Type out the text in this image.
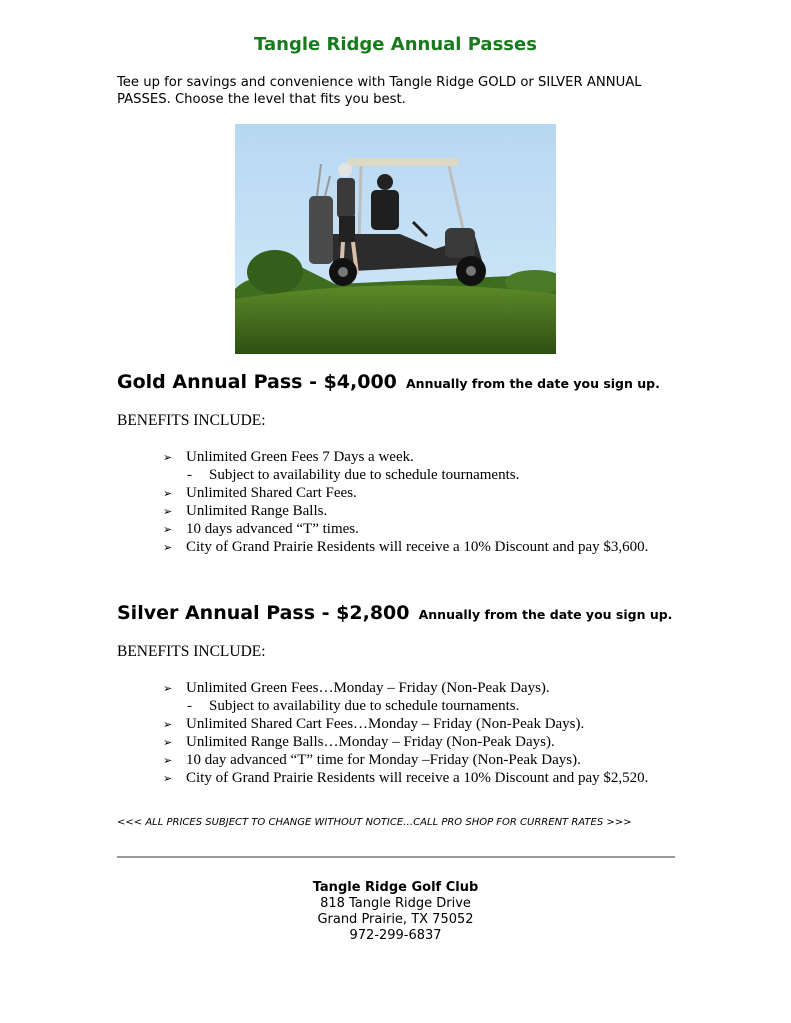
Tangle Ridge Annual Passes
Tee up for savings and convenience with Tangle Ridge GOLD or SILVER ANNUAL
PASSES. Choose the level that fits you best.
Gold Annual Pass - $4,000 Annually from the date you sign up.
BENEFITS INCLUDE:
➢ Unlimited Green Fees 7 Days a week.
- Subject to availability due to schedule tournaments.
➢ Unlimited Shared Cart Fees.
➢ Unlimited Range Balls.
➢ 10 days advanced “T” times.
➢ City of Grand Prairie Residents will receive a 10% Discount and pay $3,600.
Silver Annual Pass - $2,800 Annually from the date you sign up.
BENEFITS INCLUDE:
➢ Unlimited Green Fees…Monday – Friday (Non-Peak Days).
- Subject to availability due to schedule tournaments.
➢ Unlimited Shared Cart Fees…Monday – Friday (Non-Peak Days).
➢ Unlimited Range Balls…Monday – Friday (Non-Peak Days).
➢ 10 day advanced “T” time for Monday –Friday (Non-Peak Days).
➢ City of Grand Prairie Residents will receive a 10% Discount and pay $2,520.
<<< ALL PRICES SUBJECT TO CHANGE WITHOUT NOTICE…CALL PRO SHOP FOR CURRENT RATES >>>
Tangle Ridge Golf Club
818 Tangle Ridge Drive
Grand Prairie, TX 75052
972-299-6837
